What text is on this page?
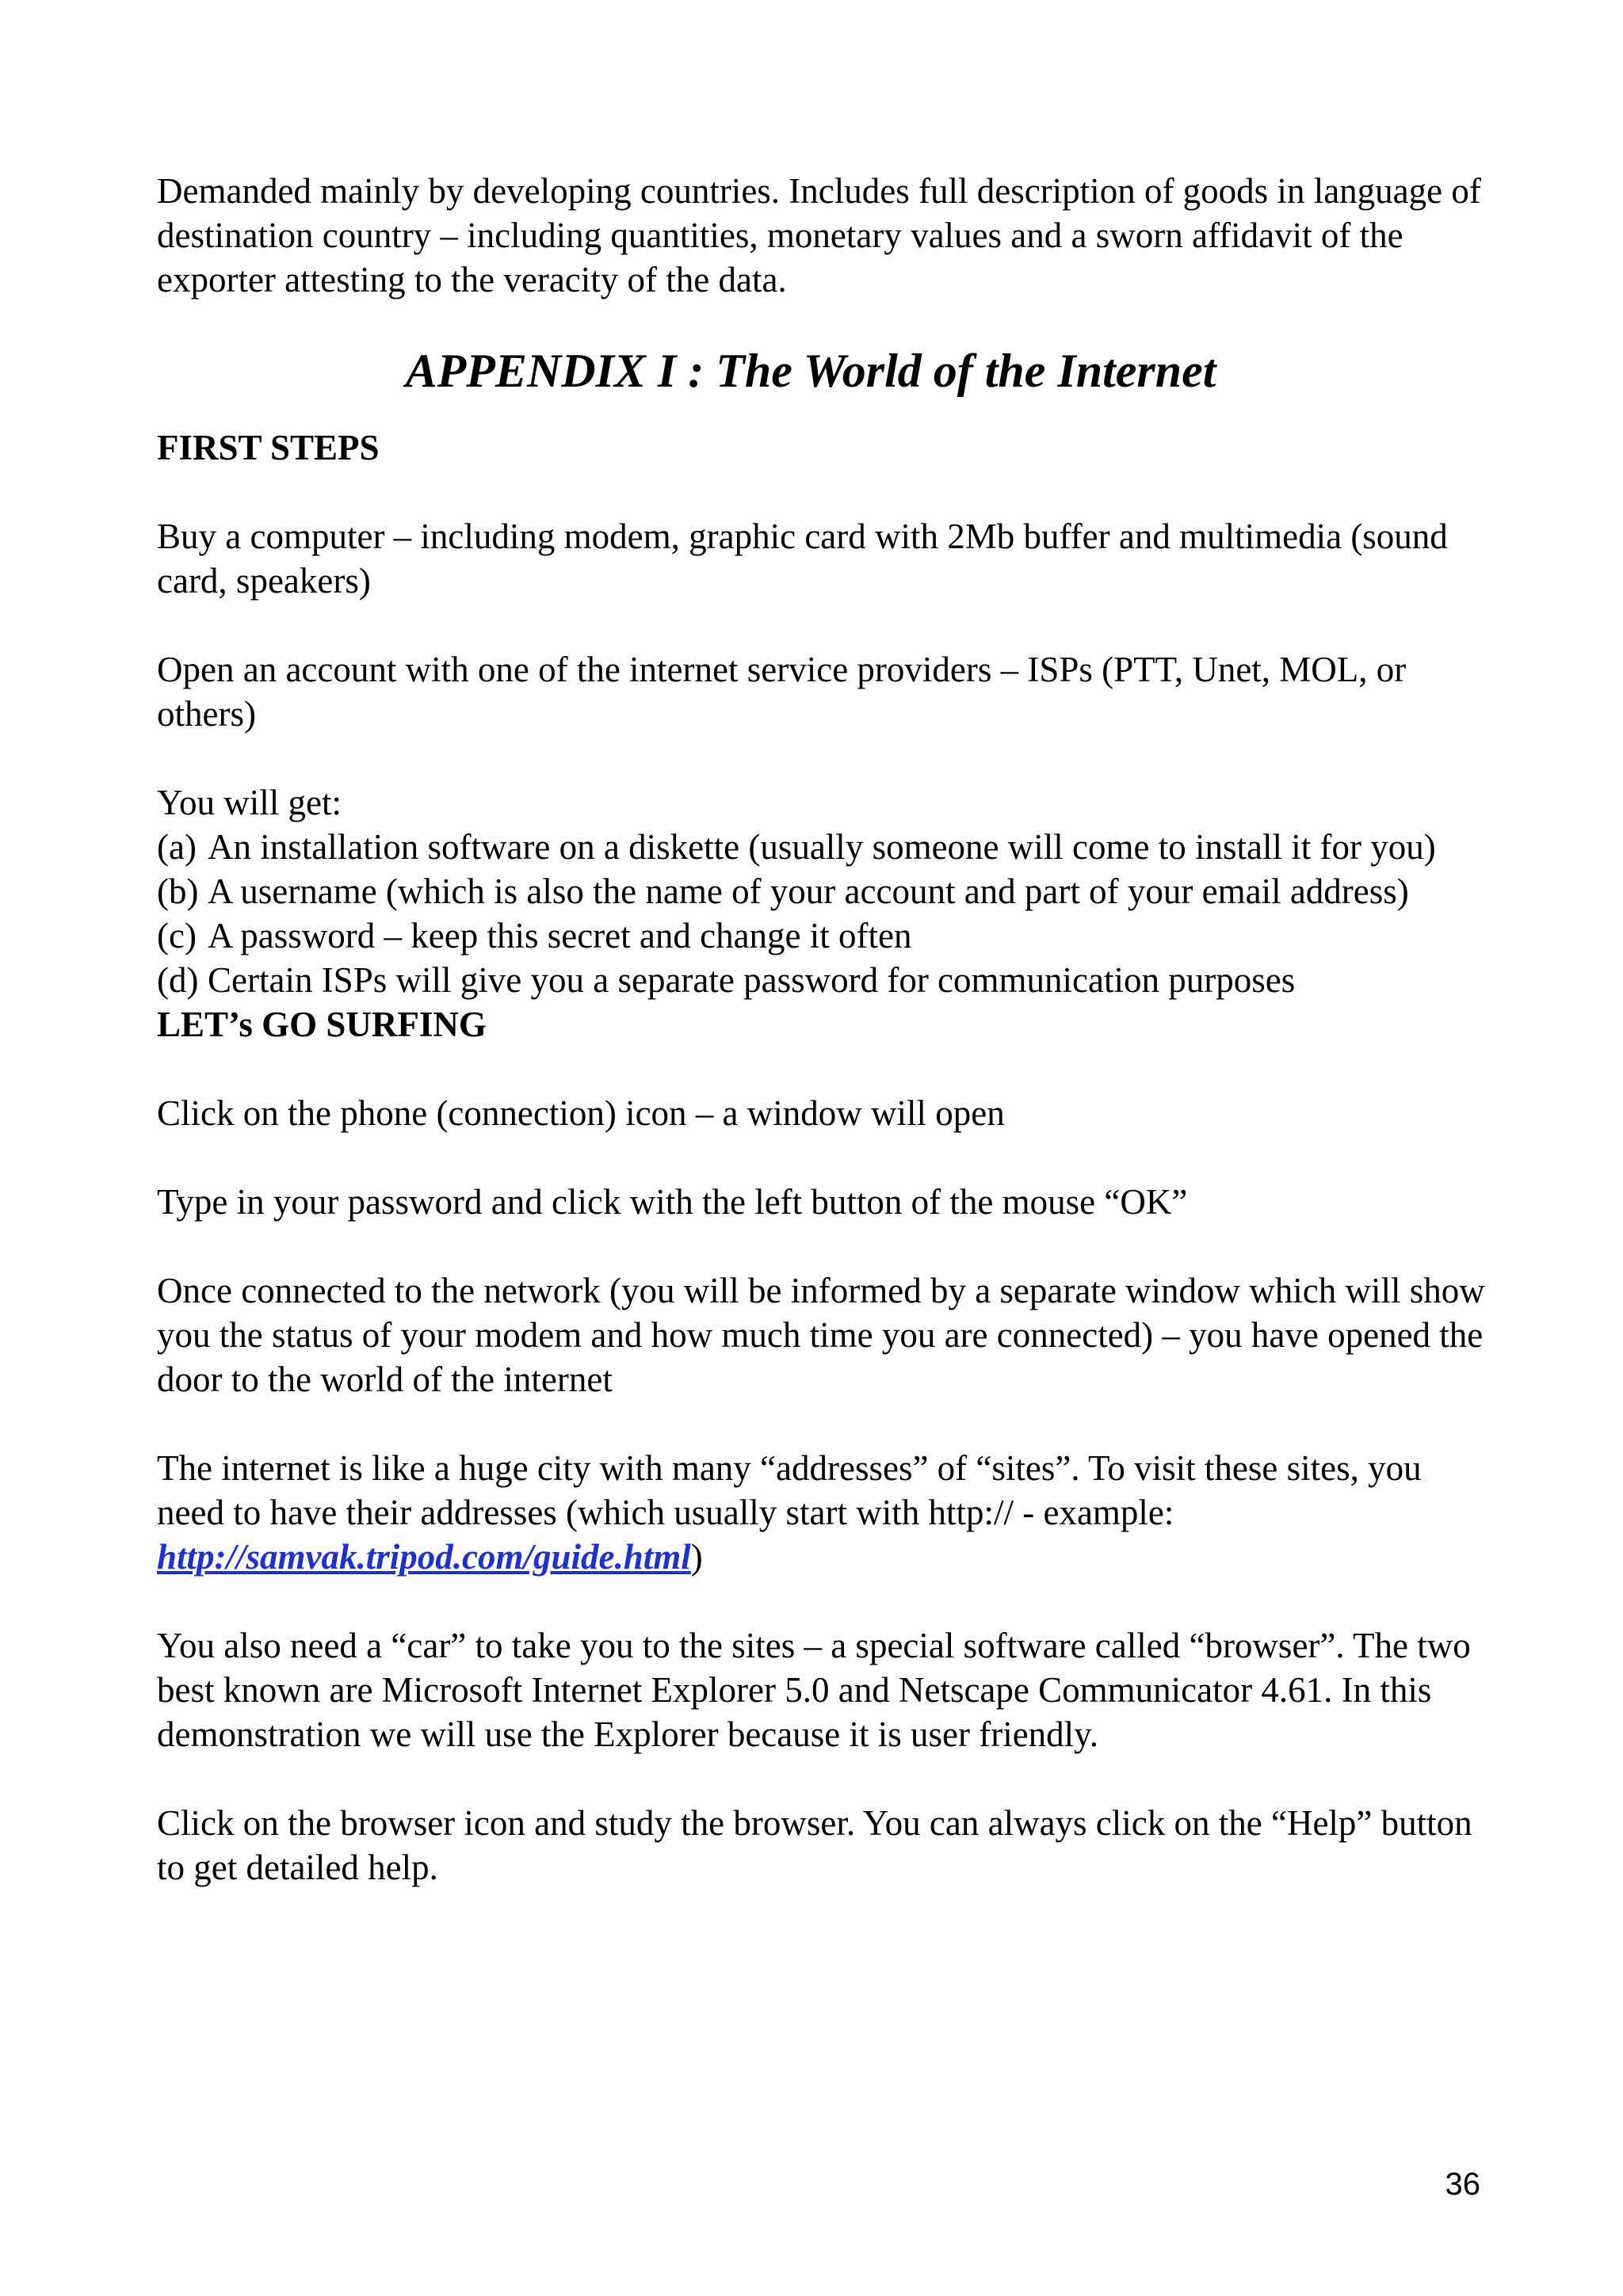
Demanded mainly by developing countries. Includes full description of goods in language of destination country – including quantities, monetary values and a sworn affidavit of the exporter attesting to the veracity of the data.

APPENDIX I : The World of the Internet
FIRST STEPS

Buy a computer – including modem, graphic card with 2Mb buffer and multimedia (sound card, speakers)

Open an account with one of the internet service providers – ISPs (PTT, Unet, MOL, or others)

You will get:

(a) An installation software on a diskette (usually someone will come to install it for you)
(b) A username (which is also the name of your account and part of your email address)
(c) A password – keep this secret and change it often
(d) Certain ISPs will give you a separate password for communication purposes
LET’s GO SURFING

Click on the phone (connection) icon – a window will open

Type in your password and click with the left button of the mouse “OK”

Once connected to the network (you will be informed by a separate window which will show you the status of your modem and how much time you are connected) – you have opened the door to the world of the internet

The internet is like a huge city with many “addresses” of “sites”. To visit these sites, you need to have their addresses (which usually start with http:// - example: http://samvak.tripod.com/guide.html)

You also need a “car” to take you to the sites – a special software called “browser”. The two best known are Microsoft Internet Explorer 5.0 and Netscape Communicator 4.61. In this demonstration we will use the Explorer because it is user friendly.

Click on the browser icon and study the browser. You can always click on the “Help” button to get detailed help.

36
